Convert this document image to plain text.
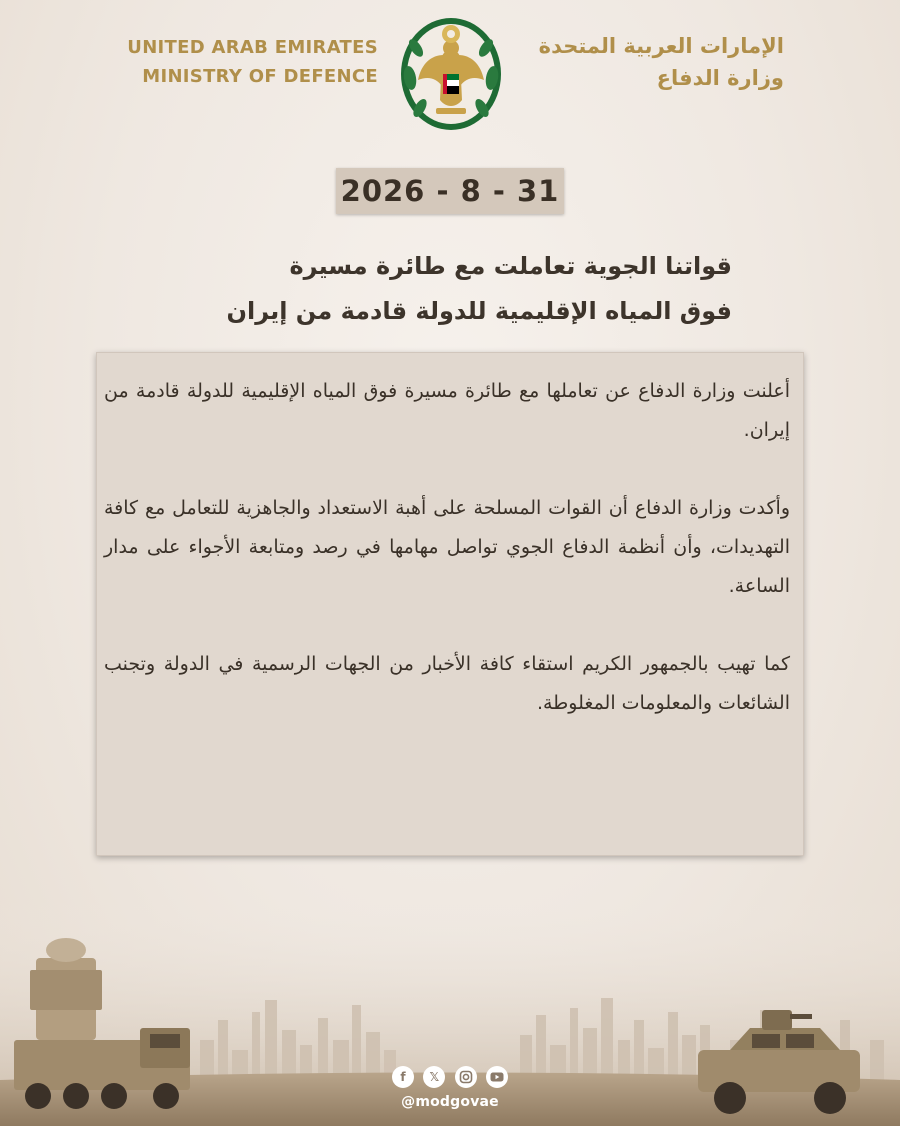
UNITED ARAB EMIRATES
MINISTRY OF DEFENCE
الإمارات العربية المتحدة
وزارة الدفاع
2026 - 8 - 31
قواتنا الجوية تعاملت مع طائرة مسيرة
فوق المياه الإقليمية للدولة قادمة من إيران

أعلنت وزارة الدفاع عن تعاملها مع طائرة مسيرة فوق المياه الإقليمية للدولة قادمة من إيران.

وأكدت وزارة الدفاع أن القوات المسلحة على أهبة الاستعداد والجاهزية للتعامل مع كافة التهديدات، وأن أنظمة الدفاع الجوي تواصل مهامها في رصد ومتابعة الأجواء على مدار الساعة.

كما تهيب بالجمهور الكريم استقاء كافة الأخبار من الجهات الرسمية في الدولة وتجنب الشائعات والمعلومات المغلوطة.

f	𝕏
@modgovae
